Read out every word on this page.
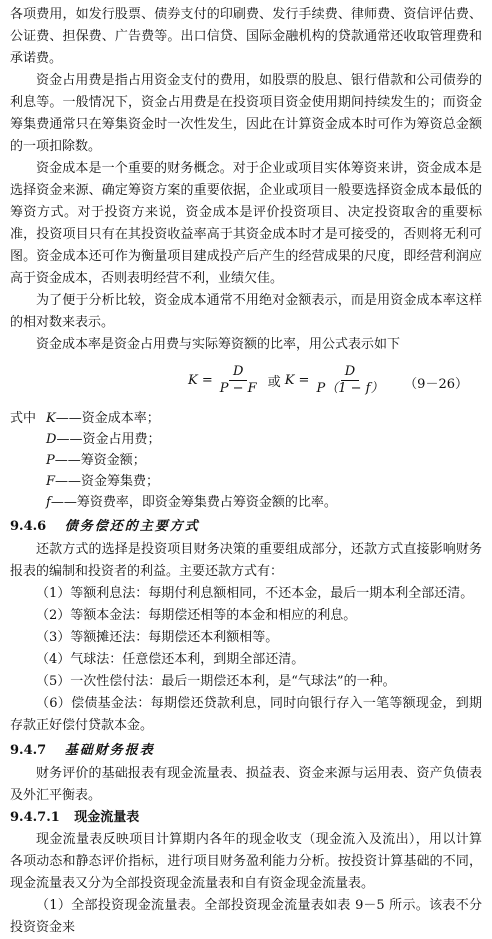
各项费用，如发行股票、债券支付的印刷费、发行手续费、律师费、资信评估费、公证费、担保费、广告费等。出口信贷、国际金融机构的贷款通常还收取管理费和承诺费。

资金占用费是指占用资金支付的费用，如股票的股息、银行借款和公司债券的利息等。一般情况下，资金占用费是在投资项目资金使用期间持续发生的；而资金筹集费通常只在筹集资金时一次性发生，因此在计算资金成本时可作为筹资总金额的一项扣除数。

资金成本是一个重要的财务概念。对于企业或项目实体筹资来讲，资金成本是选择资金来源、确定筹资方案的重要依据，企业或项目一般要选择资金成本最低的筹资方式。对于投资方来说，资金成本是评价投资项目、决定投资取舍的重要标准，投资项目只有在其投资收益率高于其资金成本时才是可接受的，否则将无利可图。资金成本还可作为衡量项目建成投产后产生的经营成果的尺度，即经营利润应高于资金成本，否则表明经营不利，业绩欠佳。

为了便于分析比较，资金成本通常不用绝对金额表示，而是用资金成本率这样的相对数来表示。

资金成本率是资金占用费与实际筹资额的比率，用公式表示如下

$K = \frac{D}{P - F}$ 或 $K = \frac{D}{P(1 - f)} (9-26)$
式中 K ——资金成本率；
D ——资金占用费；
P ——筹资金额；
F ——资金筹集费；
f ——筹资费率，即资金筹集费占筹资金额的比率。
9.4.6 债务偿还的主要方式

还款方式的选择是投资项目财务决策的重要组成部分，还款方式直接影响财务报表的编制和投资者的利益。主要还款方式有：

（1）等额利息法：每期付利息额相同，不还本金，最后一期本利全部还清。

（2）等额本金法：每期偿还相等的本金和相应的利息。

（3）等额摊还法：每期偿还本利额相等。

（4）气球法：任意偿还本利，到期全部还清。

（5）一次性偿付法：最后一期偿还本利，是“气球法”的一种。

（6）偿债基金法：每期偿还贷款利息，同时向银行存入一笔等额现金，到期存款正好偿付贷款本金。

9.4.7 基础财务报表

财务评价的基础报表有现金流量表、损益表、资金来源与运用表、资产负债表及外汇平衡表。

9.4.7.1 现金流量表

现金流量表反映项目计算期内各年的现金收支（现金流入及流出），用以计算各项动态和静态评价指标，进行项目财务盈利能力分析。按投资计算基础的不同，现金流量表又分为全部投资现金流量表和自有资金现金流量表。

（1）全部投资现金流量表。全部投资现金流量表如表 9－5 所示。该表不分投资资金来
